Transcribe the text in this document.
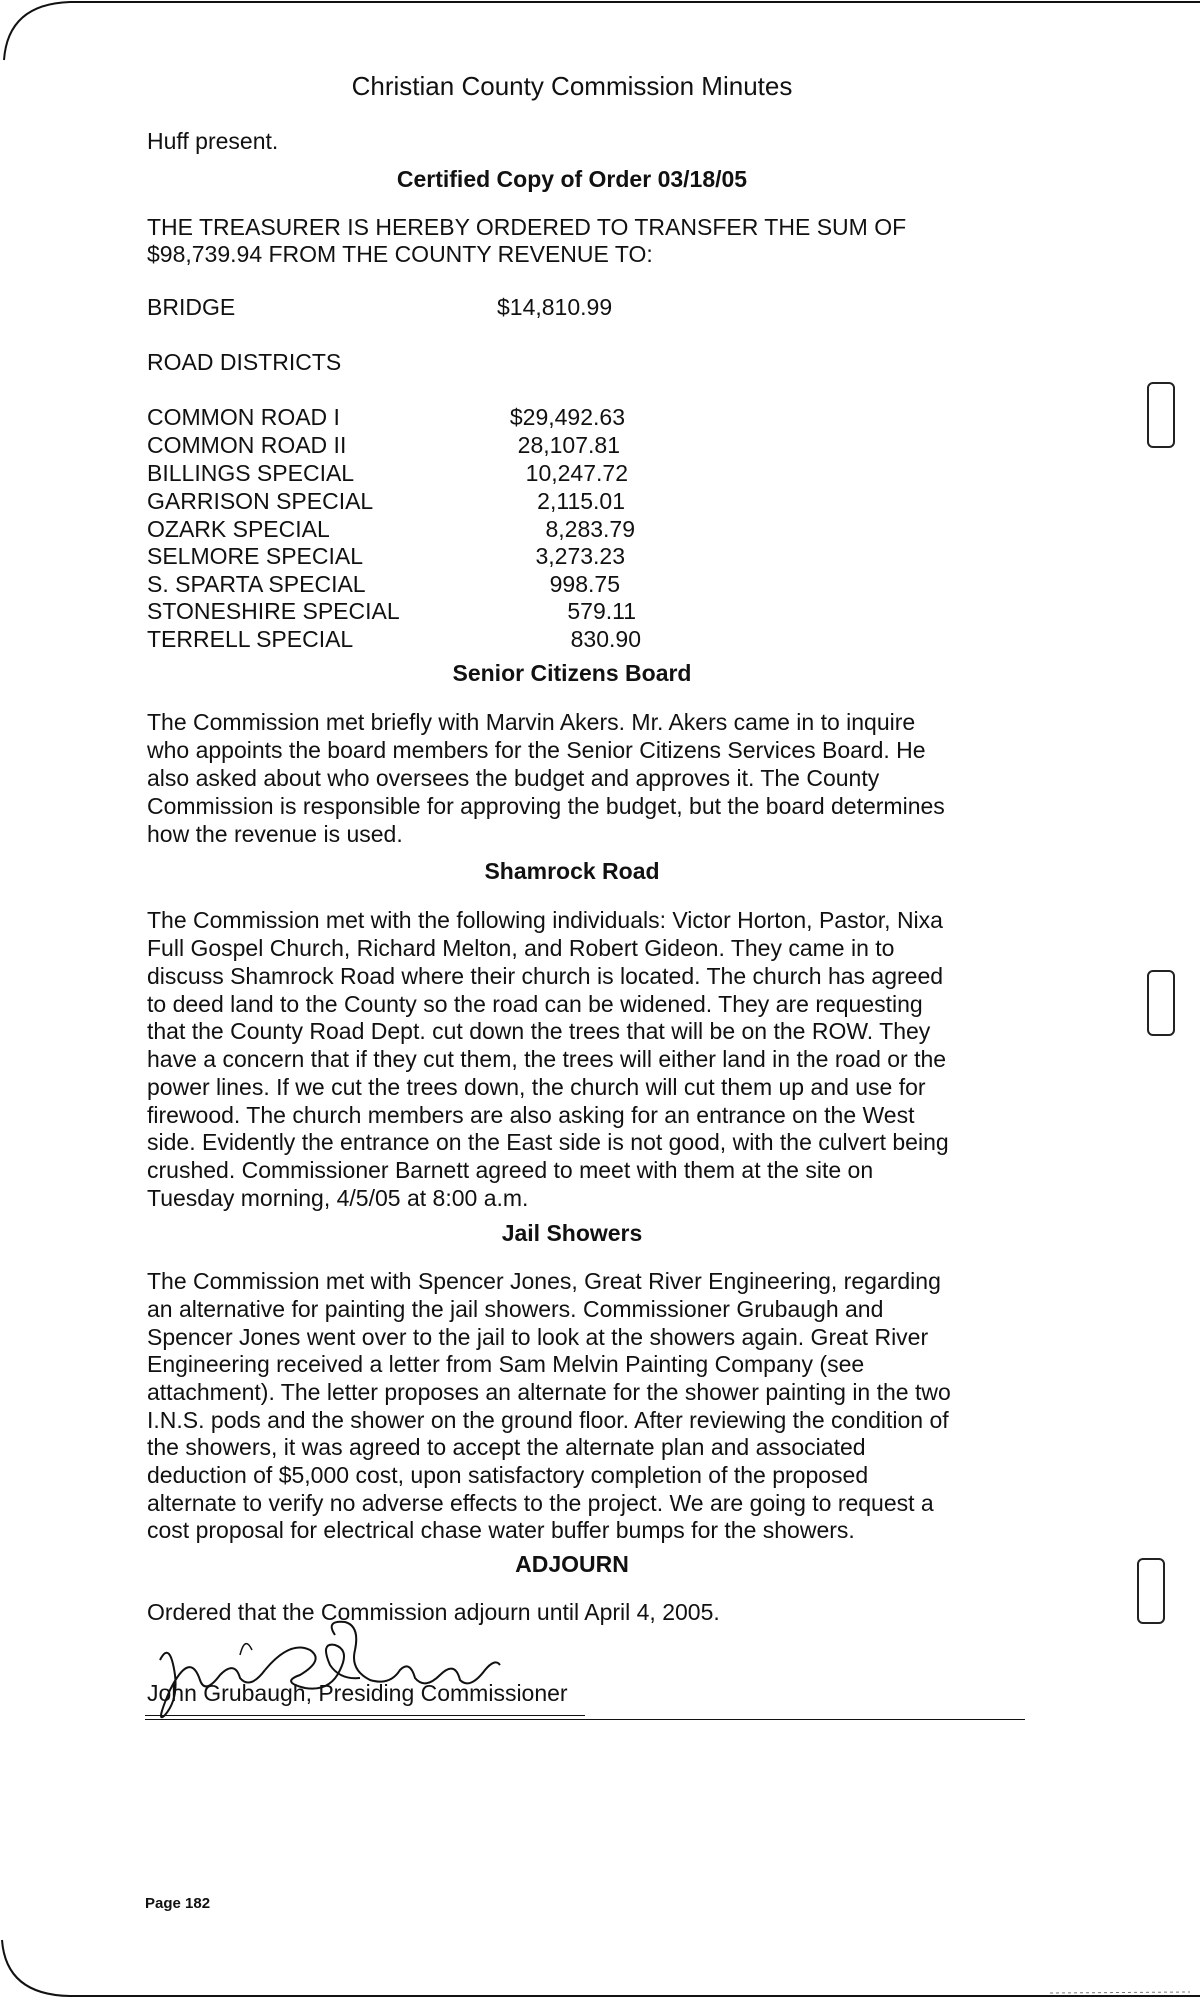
Christian County Commission Minutes
Huff present.
Certified Copy of Order 03/18/05
THE TREASURER IS HEREBY ORDERED TO TRANSFER THE SUM OF
$98,739.94 FROM THE COUNTY REVENUE TO:
BRIDGE	$14,810.99
ROAD DISTRICTS
COMMON ROAD I	$29,492.63
COMMON ROAD II	28,107.81
BILLINGS SPECIAL	10,247.72
GARRISON SPECIAL	2,115.01
OZARK SPECIAL	8,283.79
SELMORE SPECIAL	3,273.23
S. SPARTA SPECIAL	998.75
STONESHIRE SPECIAL	579.11
TERRELL SPECIAL	830.90
Senior Citizens Board
The Commission met briefly with Marvin Akers. Mr. Akers came in to inquire
who appoints the board members for the Senior Citizens Services Board. He
also asked about who oversees the budget and approves it. The County
Commission is responsible for approving the budget, but the board determines
how the revenue is used.
Shamrock Road
The Commission met with the following individuals: Victor Horton, Pastor, Nixa
Full Gospel Church, Richard Melton, and Robert Gideon. They came in to
discuss Shamrock Road where their church is located. The church has agreed
to deed land to the County so the road can be widened. They are requesting
that the County Road Dept. cut down the trees that will be on the ROW. They
have a concern that if they cut them, the trees will either land in the road or the
power lines. If we cut the trees down, the church will cut them up and use for
firewood. The church members are also asking for an entrance on the West
side. Evidently the entrance on the East side is not good, with the culvert being
crushed. Commissioner Barnett agreed to meet with them at the site on
Tuesday morning, 4/5/05 at 8:00 a.m.
Jail Showers
The Commission met with Spencer Jones, Great River Engineering, regarding
an alternative for painting the jail showers. Commissioner Grubaugh and
Spencer Jones went over to the jail to look at the showers again. Great River
Engineering received a letter from Sam Melvin Painting Company (see
attachment). The letter proposes an alternate for the shower painting in the two
I.N.S. pods and the shower on the ground floor. After reviewing the condition of
the showers, it was agreed to accept the alternate plan and associated
deduction of $5,000 cost, upon satisfactory completion of the proposed
alternate to verify no adverse effects to the project. We are going to request a
cost proposal for electrical chase water buffer bumps for the showers.
ADJOURN
Ordered that the Commission adjourn until April 4, 2005.
John Grubaugh, Presiding Commissioner
Page 182
